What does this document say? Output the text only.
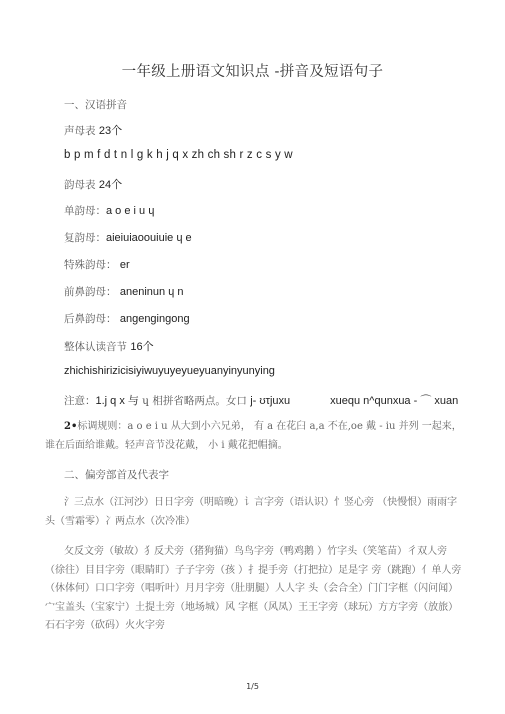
一年级上册语文知识点 -拼音及短语句子
一、汉语拼音
声母表 23个
b p m f d t n l g k h j q x zh ch sh r z c s y w
韵母表 24个
单韵母：a o e i u ɥ
复韵母：aieiuiaoouiuie ɥ e
特殊韵母： er
前鼻韵母： aneninun ɥ n
后鼻韵母： angengingong
整体认读音节 16个
zhichishirizicisiyiwuyuyeyueyuanyinyunying
注意：1.j q x 与 ɥ 相拼省略两点。女口 j- ʊτjuxu	xuequ n^qunxua - ⌒ xuan
2•标调规则：a o e i u 从大到小六兄弟， 有 a 在花臼 a,a 不在,oe 戴 - iu 并列 一起来， 谁在后面给谁戴。轻声音节没花戴， 小 i 戴花把帽摘。
二、偏旁部首及代表字
氵三点水（江河沙）日日字旁（明暗晚）讠言字旁（语认识）忄竖心旁 （快慢恨）雨雨字头（雪霜零）冫两点水（次冷准）
攵反文旁（敏故）犭反犬旁（猪狗猫）鸟鸟字旁（鸭鸡鹅 ）竹字头（笑笔苗）彳双人旁 （徐往）目目字旁（眼睛盯）子子字旁（孩 ）扌提手旁（打把拉）足是字 旁（跳跑）亻单人旁（休体何）口口字旁（唱听叶）月月字旁（肚朋腿）人人字 头（会合全）门门字框（闪问闻）宀宝盖头（宝家宁）土提土旁（地场城）风 字框（风凤）王王字旁（球玩）方方字旁（放旅）石石字旁（砍码）火火字旁
1/5
